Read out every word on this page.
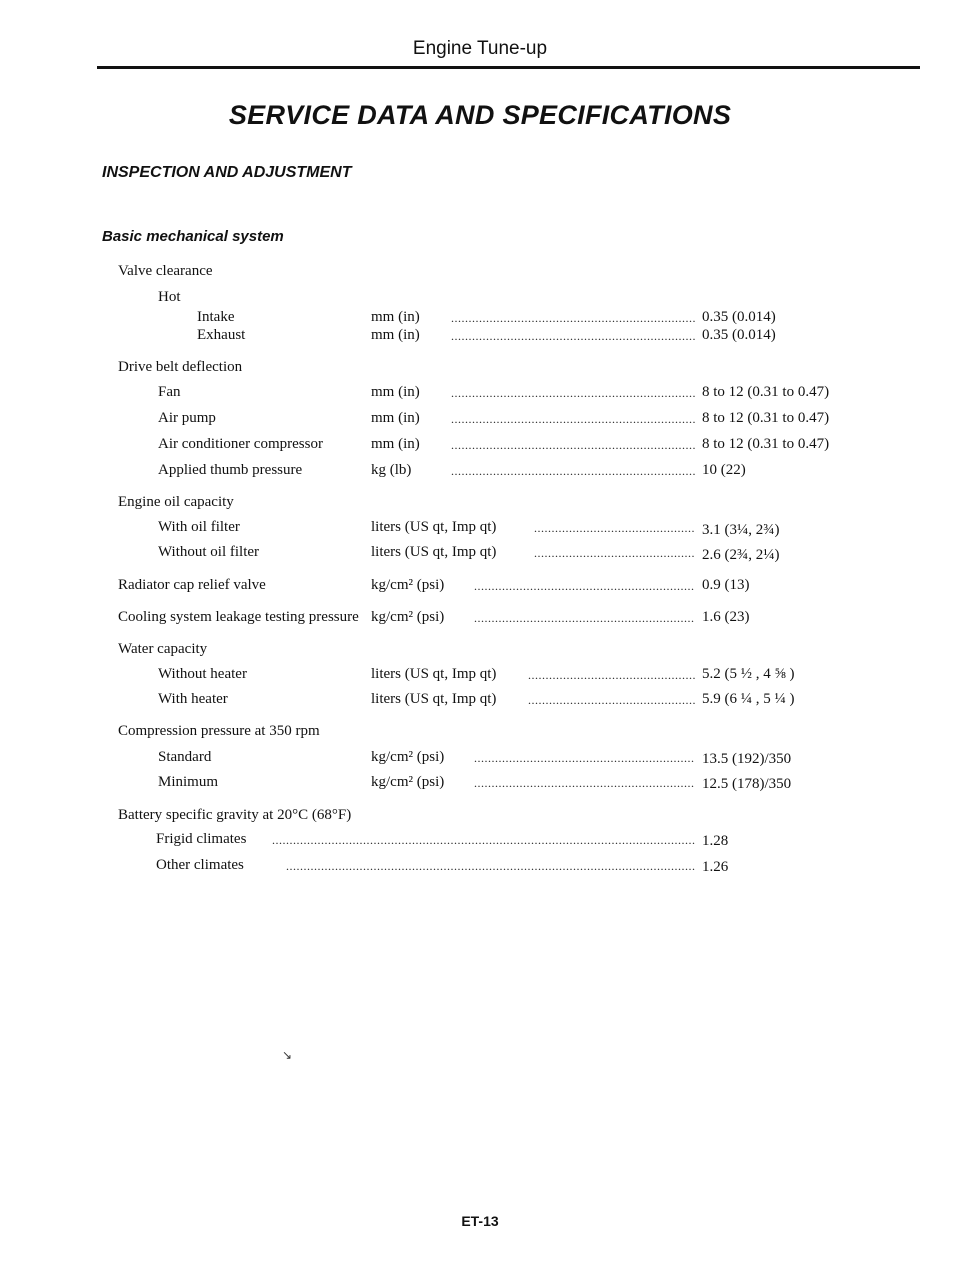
Engine Tune-up
SERVICE DATA AND SPECIFICATIONS
INSPECTION AND ADJUSTMENT
Basic mechanical system
Valve clearance
Hot
Intake	mm (in) .....	0.35 (0.014)
Exhaust	mm (in) .....	0.35 (0.014)
Drive belt deflection
Fan	mm (in) .....	8 to 12 (0.31 to 0.47)
Air pump	mm (in) .....	8 to 12 (0.31 to 0.47)
Air conditioner compressor	mm (in) .....	8 to 12 (0.31 to 0.47)
Applied thumb pressure	kg (lb) .....	10 (22)
Engine oil capacity
With oil filter	liters (US qt, Imp qt) .....	3.1 (3¼, 2¾)
Without oil filter	liters (US qt, Imp qt) .....	2.6 (2¾, 2¼)
Radiator cap relief valve	kg/cm² (psi) .....	0.9 (13)
Cooling system leakage testing pressure kg/cm² (psi) .....	1.6 (23)
Water capacity
Without heater	liters (US qt, Imp qt) .....	5.2 (5 ½ , 4 ⅝ )
With heater	liters (US qt, Imp qt) .....	5.9 (6 ¼ , 5 ¼ )
Compression pressure at 350 rpm
Standard	kg/cm² (psi) .....	13.5 (192)/350
Minimum	kg/cm² (psi) .....	12.5 (178)/350
Battery specific gravity at 20°C (68°F)
Frigid climates .....	1.28
Other climates .....	1.26
↘
ET-13
